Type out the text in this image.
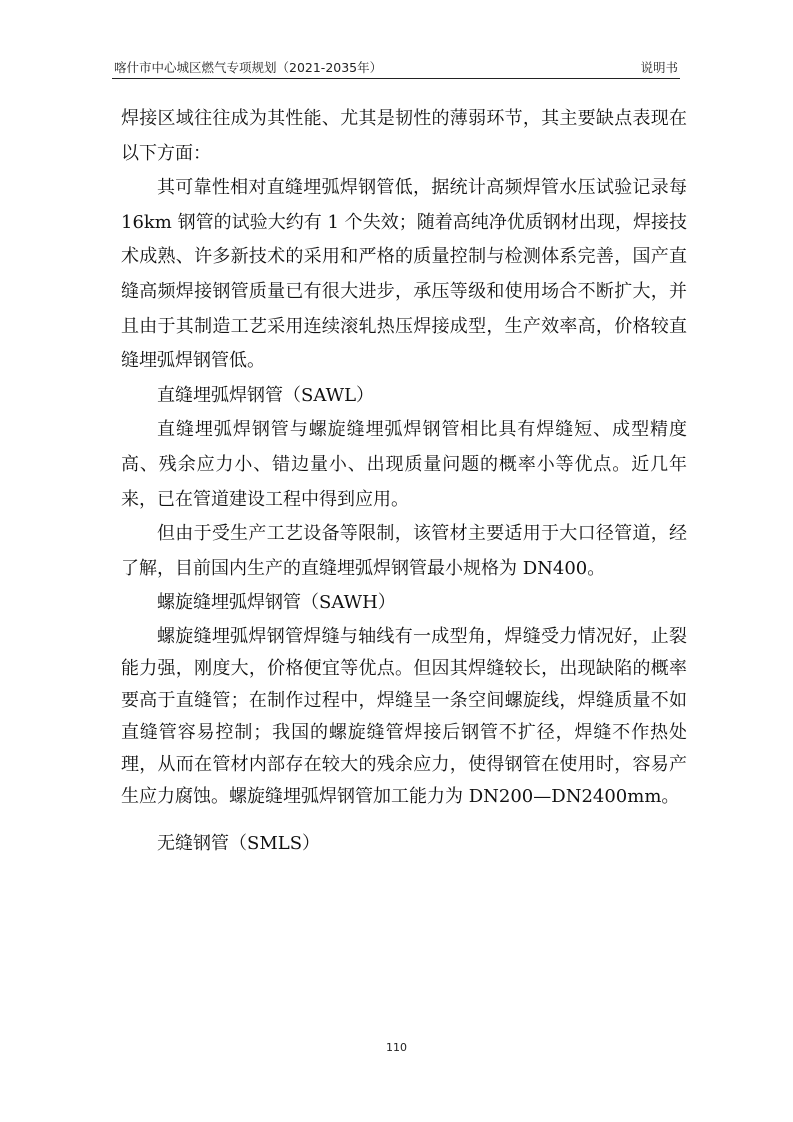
喀什市中心城区燃气专项规划（2021-2035年）	说明书

焊接区域往往成为其性能、尤其是韧性的薄弱环节，其主要缺点表现在以下方面：

其可靠性相对直缝埋弧焊钢管低，据统计高频焊管水压试验记录每 16km 钢管的试验大约有 1 个失效；随着高纯净优质钢材出现，焊接技术成熟、许多新技术的采用和严格的质量控制与检测体系完善，国产直缝高频焊接钢管质量已有很大进步，承压等级和使用场合不断扩大，并且由于其制造工艺采用连续滚轧热压焊接成型，生产效率高，价格较直缝埋弧焊钢管低。

直缝埋弧焊钢管（SAWL）

直缝埋弧焊钢管与螺旋缝埋弧焊钢管相比具有焊缝短、成型精度高、残余应力小、错边量小、出现质量问题的概率小等优点。近几年来，已在管道建设工程中得到应用。

但由于受生产工艺设备等限制，该管材主要适用于大口径管道，经了解，目前国内生产的直缝埋弧焊钢管最小规格为 DN400。

螺旋缝埋弧焊钢管（SAWH）

螺旋缝埋弧焊钢管焊缝与轴线有一成型角，焊缝受力情况好，止裂能力强，刚度大，价格便宜等优点。但因其焊缝较长，出现缺陷的概率要高于直缝管；在制作过程中，焊缝呈一条空间螺旋线，焊缝质量不如直缝管容易控制；我国的螺旋缝管焊接后钢管不扩径，焊缝不作热处理，从而在管材内部存在较大的残余应力，使得钢管在使用时，容易产生应力腐蚀。螺旋缝埋弧焊钢管加工能力为 DN200—DN2400mm。

无缝钢管（SMLS）

110
